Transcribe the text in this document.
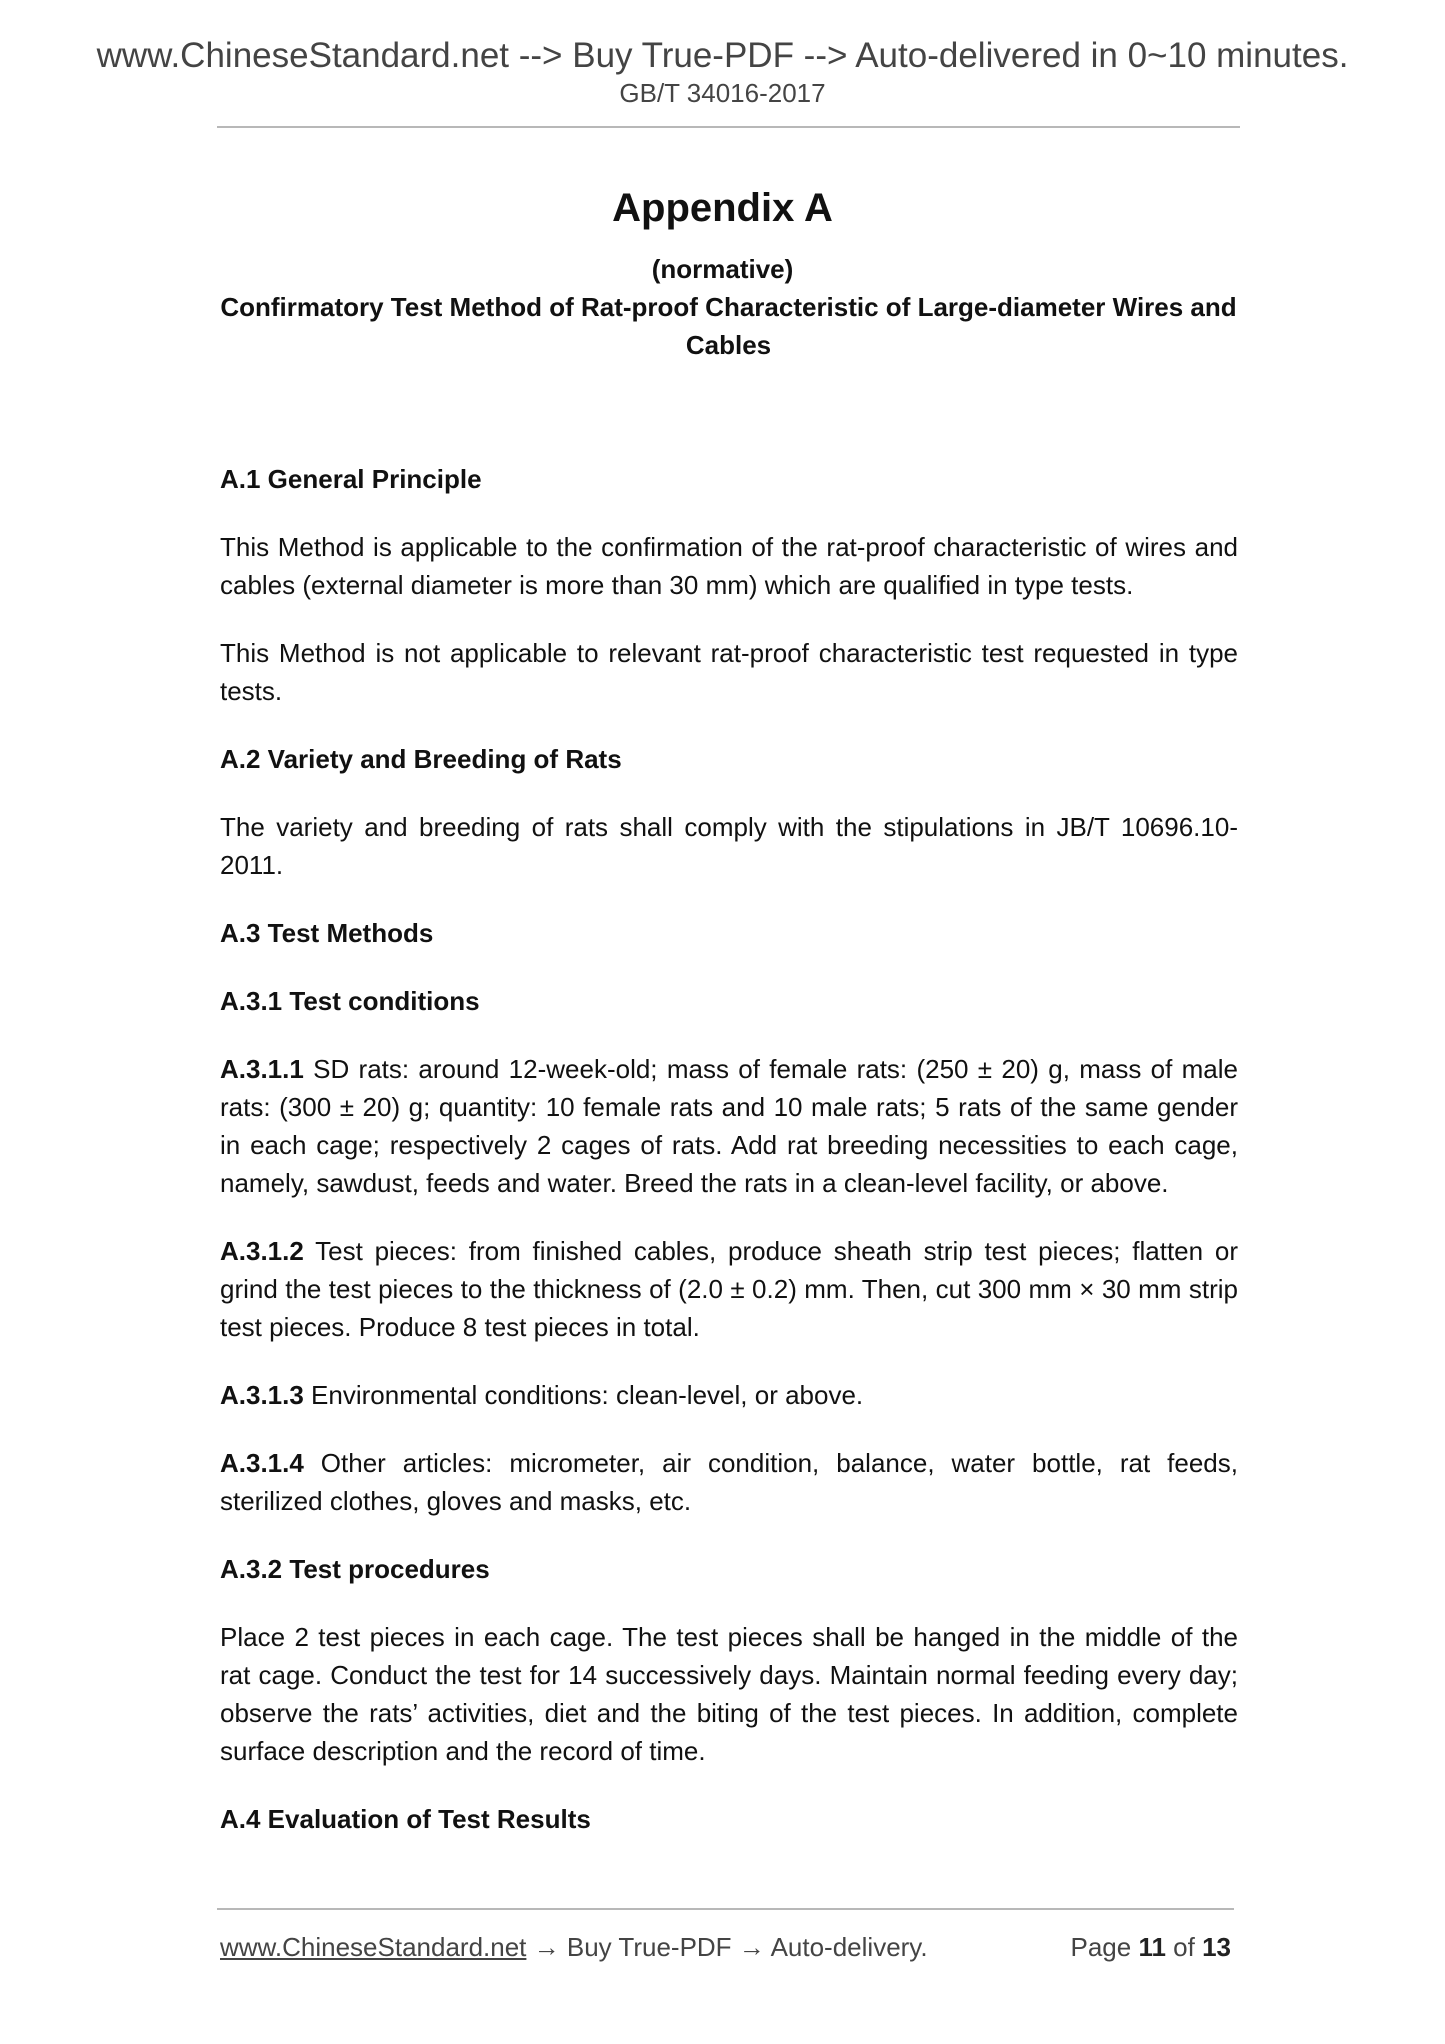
www.ChineseStandard.net --> Buy True-PDF --> Auto-delivered in 0~10 minutes.
GB/T 34016-2017
Appendix A
(normative)
Confirmatory Test Method of Rat-proof Characteristic of Large-diameter Wires and Cables
A.1 General Principle

This Method is applicable to the confirmation of the rat-proof characteristic of wires and cables (external diameter is more than 30 mm) which are qualified in type tests.

This Method is not applicable to relevant rat-proof characteristic test requested in type tests.

A.2 Variety and Breeding of Rats

The variety and breeding of rats shall comply with the stipulations in JB/T 10696.10-2011.

A.3 Test Methods
A.3.1 Test conditions

A.3.1.1 SD rats: around 12-week-old; mass of female rats: (250 ± 20) g, mass of male rats: (300 ± 20) g; quantity: 10 female rats and 10 male rats; 5 rats of the same gender in each cage; respectively 2 cages of rats. Add rat breeding necessities to each cage, namely, sawdust, feeds and water. Breed the rats in a clean-level facility, or above.

A.3.1.2 Test pieces: from finished cables, produce sheath strip test pieces; flatten or grind the test pieces to the thickness of (2.0 ± 0.2) mm. Then, cut 300 mm × 30 mm strip test pieces. Produce 8 test pieces in total.

A.3.1.3 Environmental conditions: clean-level, or above.

A.3.1.4 Other articles: micrometer, air condition, balance, water bottle, rat feeds, sterilized clothes, gloves and masks, etc.

A.3.2 Test procedures

Place 2 test pieces in each cage. The test pieces shall be hanged in the middle of the rat cage. Conduct the test for 14 successively days. Maintain normal feeding every day; observe the rats’ activities, diet and the biting of the test pieces. In addition, complete surface description and the record of time.

A.4 Evaluation of Test Results
www.ChineseStandard.net → Buy True-PDF → Auto-delivery.	Page 11 of 13
